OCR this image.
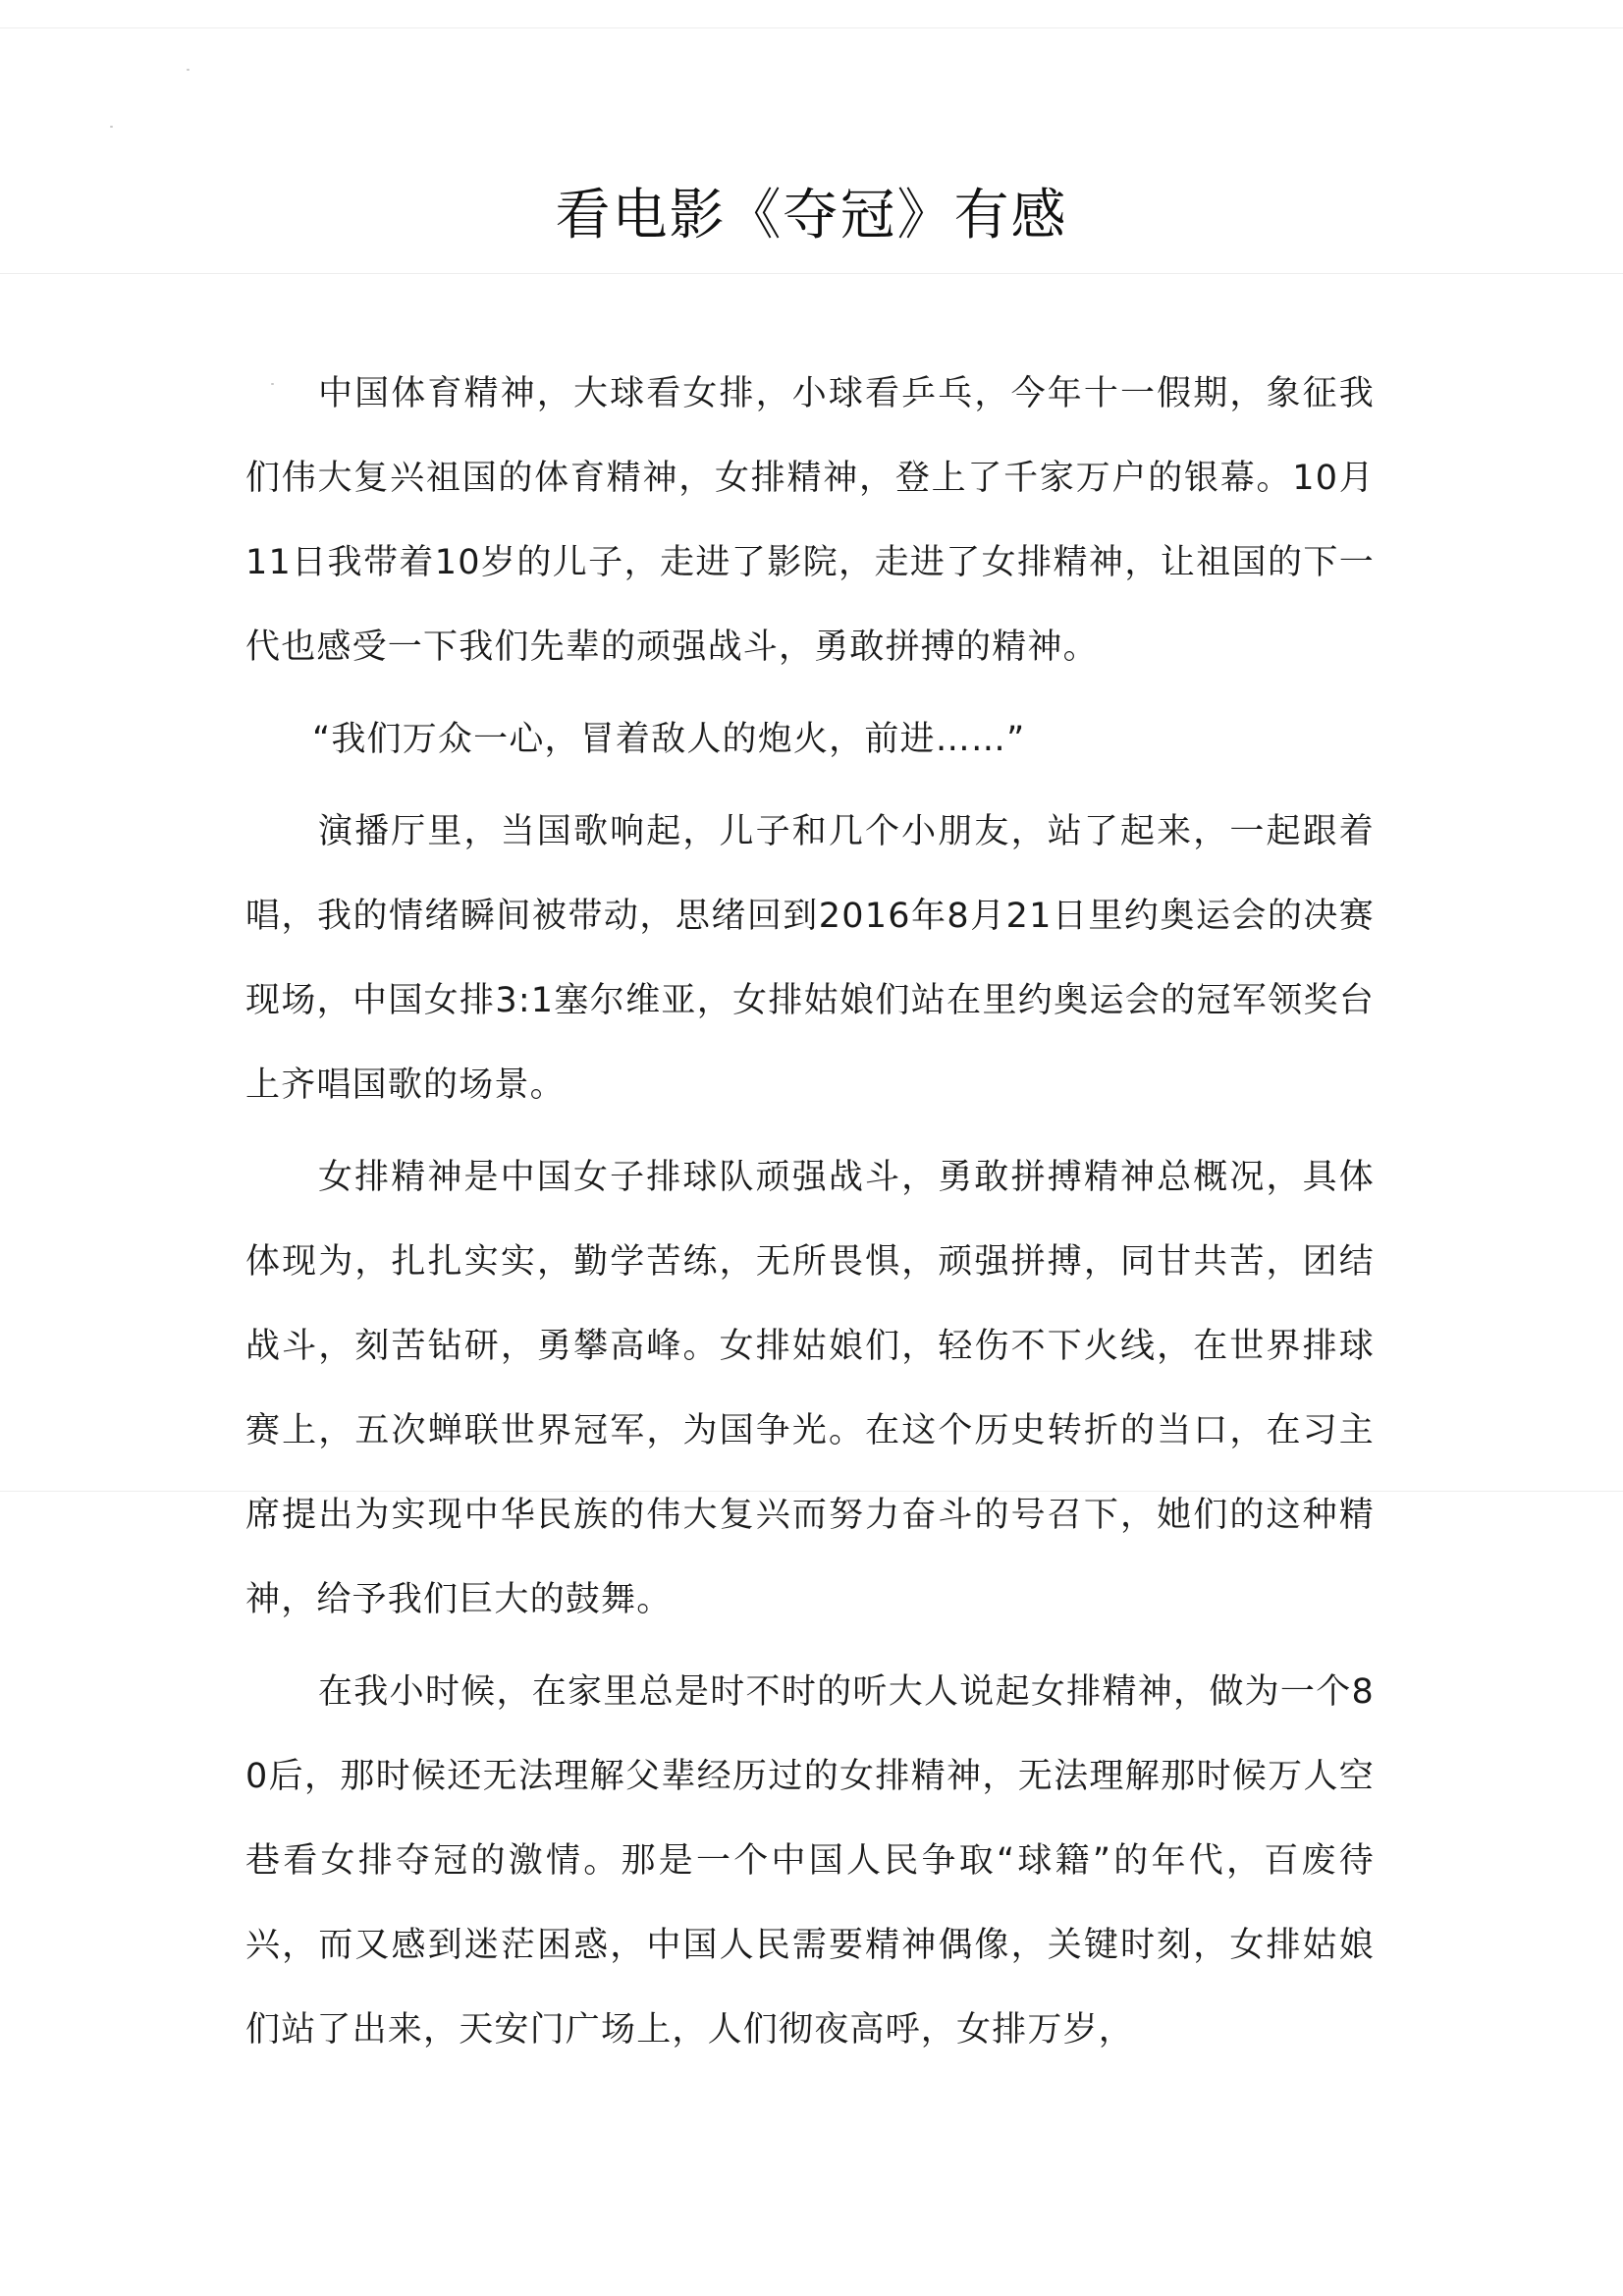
看电影《夺冠》有感

中国体育精神，大球看女排，小球看乒乓，今年十一假期，象征我们伟大复兴祖国的体育精神，女排精神，登上了千家万户的银幕。10月11日我带着10岁的儿子，走进了影院，走进了女排精神，让祖国的下一代也感受一下我们先辈的顽强战斗，勇敢拼搏的精神。

“我们万众一心，冒着敌人的炮火，前进……”

演播厅里，当国歌响起，儿子和几个小朋友，站了起来，一起跟着唱，我的情绪瞬间被带动，思绪回到2016年8月21日里约奥运会的决赛现场，中国女排3:1塞尔维亚，女排姑娘们站在里约奥运会的冠军领奖台上齐唱国歌的场景。

女排精神是中国女子排球队顽强战斗，勇敢拼搏精神总概况，具体体现为，扎扎实实，勤学苦练，无所畏惧，顽强拼搏，同甘共苦，团结战斗，刻苦钻研，勇攀高峰。女排姑娘们，轻伤不下火线，在世界排球赛上，五次蝉联世界冠军，为国争光。在这个历史转折的当口，在习主席提出为实现中华民族的伟大复兴而努力奋斗的号召下，她们的这种精神，给予我们巨大的鼓舞。

在我小时候，在家里总是时不时的听大人说起女排精神，做为一个80后，那时候还无法理解父辈经历过的女排精神，无法理解那时候万人空巷看女排夺冠的激情。那是一个中国人民争取“球籍”的年代，百废待兴，而又感到迷茫困惑，中国人民需要精神偶像，关键时刻，女排姑娘们站了出来，天安门广场上，人们彻夜高呼，女排万岁，
